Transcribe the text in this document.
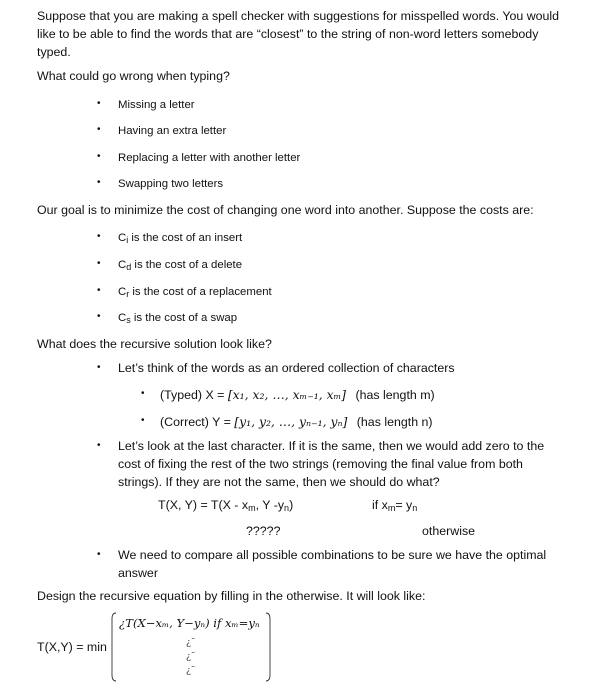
Suppose that you are making a spell checker with suggestions for misspelled words. You would
like to be able to find the words that are “closest” to the string of non-word letters somebody
typed.

What could go wrong when typing?

• Missing a letter
• Having an extra letter
• Replacing a letter with another letter
• Swapping two letters

Our goal is to minimize the cost of changing one word into another. Suppose the costs are:

• $C_i$ is the cost of an insert
• $C_d$ is the cost of a delete
• $C_r$ is the cost of a replacement
• $C_s$ is the cost of a swap

What does the recursive solution look like?

• Let’s think of the words as an ordered collection of characters
• (Typed) X = [x₁, x₂, …, xₘ₋₁, xₘ] (has length m)
• (Correct) Y = [y₁, y₂, …, yₙ₋₁, yₙ] (has length n)
• Let’s look at the last character. If it is the same, then we would add zero to the
cost of fixing the rest of the two strings (removing the final value from both
strings). If they are not the same, then we should do what?
T(X, $Y) = T(X - x_m$, Y $-y_n$)	if $x_m= y_n$
?????	otherwise
• We need to compare all possible combinations to be sure we have the optimal
answer

Design the recursive equation by filling in the otherwise. It will look like:

T(X,Y) = min
¿T(X−xₘ, Y−yₙ) if xₘ=yₙ
¿¨
¿¨
¿¨
